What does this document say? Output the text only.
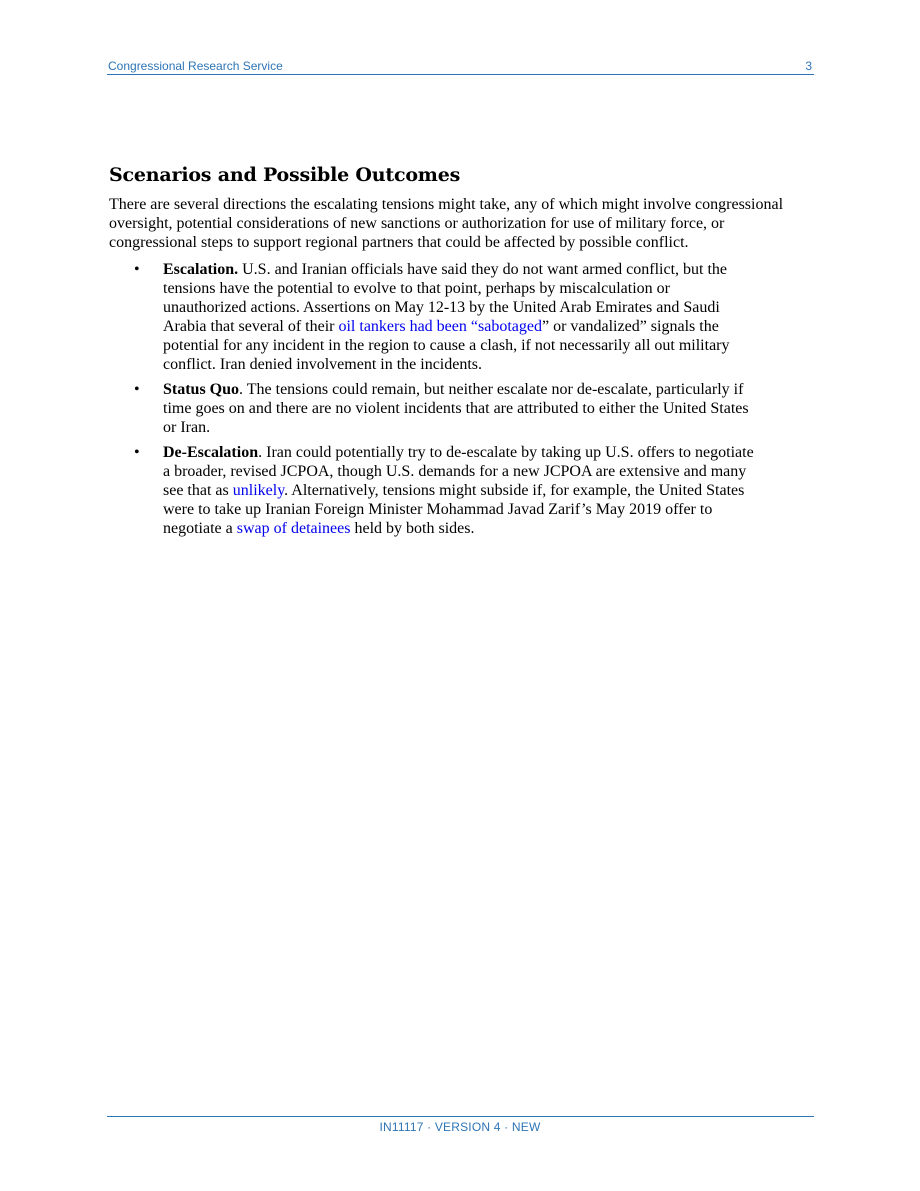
Congressional Research Service	3
Scenarios and Possible Outcomes

There are several directions the escalating tensions might take, any of which might involve congressional oversight, potential considerations of new sanctions or authorization for use of military force, or congressional steps to support regional partners that could be affected by possible conflict.

• Escalation. U.S. and Iranian officials have said they do not want armed conflict, but the tensions have the potential to evolve to that point, perhaps by miscalculation or unauthorized actions. Assertions on May 12-13 by the United Arab Emirates and Saudi Arabia that several of their oil tankers had been “sabotaged” or vandalized” signals the potential for any incident in the region to cause a clash, if not necessarily all out military conflict. Iran denied involvement in the incidents.
• Status Quo. The tensions could remain, but neither escalate nor de-escalate, particularly if time goes on and there are no violent incidents that are attributed to either the United States or Iran.
• De-Escalation. Iran could potentially try to de-escalate by taking up U.S. offers to negotiate a broader, revised JCPOA, though U.S. demands for a new JCPOA are extensive and many see that as unlikely. Alternatively, tensions might subside if, for example, the United States were to take up Iranian Foreign Minister Mohammad Javad Zarif’s May 2019 offer to negotiate a swap of detainees held by both sides.
IN11117 · VERSION 4 · NEW
